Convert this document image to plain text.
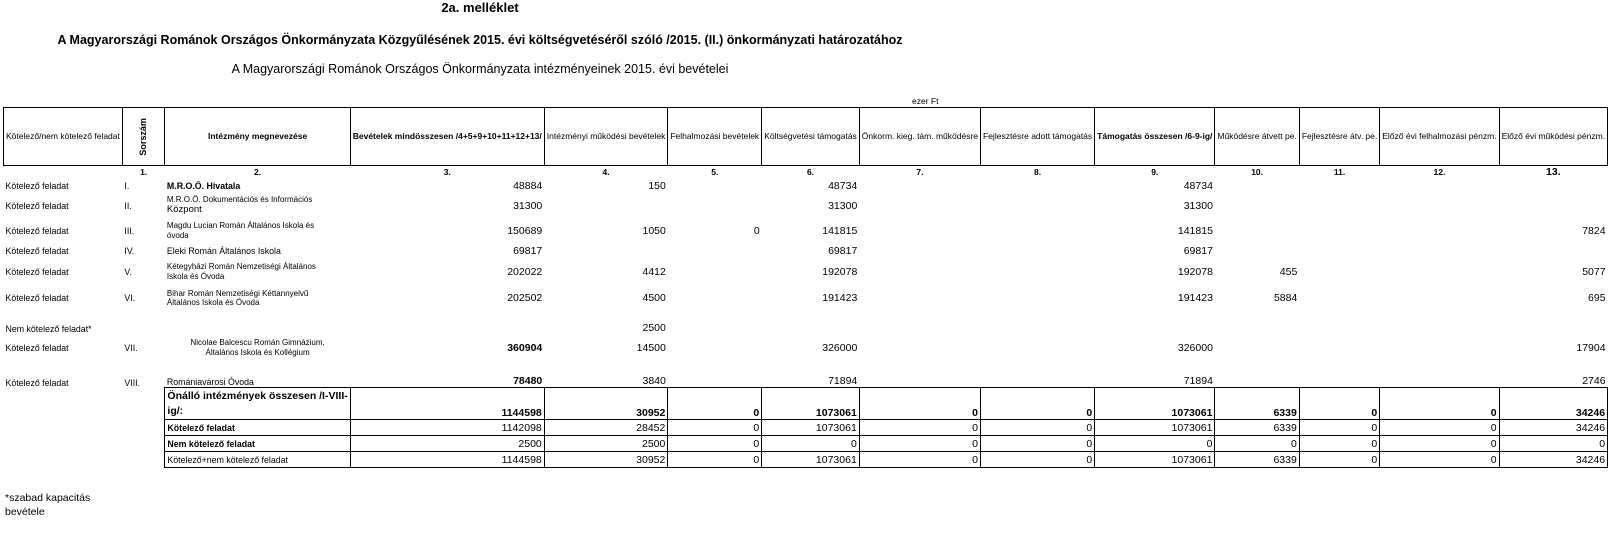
2a. melléklet
A Magyarországi Románok Országos Önkormányzata Közgyűlésének 2015. évi költségvetéséről szóló /2015. (II.) önkormányzati határozatához
A Magyarországi Románok Országos Önkormányzata intézményeinek 2015. évi bevételei
ezer Ft
Kötelező/nem kötelező feladat	Sorszám	Intézmény megnevezése	Bevételek mindösszesen /4+5+9+10+11+12+13/	Intézményi működési bevételek	Felhalmozási bevételek	Költségvetési támogatás	Önkorm. kieg. tám. működésre	Fejlesztésre adott támogatás	Támogatás összesen /6-9-ig/	Működésre átvett pe.	Fejlesztésre átv. pe.	Előző évi felhalmozási pénzm.	Előző évi működési pénzm.
	1.	2.	3.	4.	5.	6.	7.	8.	9.	10.	11.	12.	13.
Kötelező feladat	I.	M.R.O.Ö. Hivatala	48884	150		48734			48734				
Kötelező feladat	II.	M.R.O.Ö. Dokumentációs és Információs
Központ	31300			31300			31300				
Kötelező feladat	III.	Magdu Lucian Román Általános Iskola és
óvoda	150689	1050	0	141815			141815				7824
Kötelező feladat	IV.	Eleki Román Általános Iskola	69817			69817			69817				
Kötelező feladat	V.	Kétegyházi Román Nemzetiségi Általános
Iskola és Óvoda	202022	4412		192078			192078	455			5077
Kötelező feladat	VI.	Bihar Román Nemzetiségi Kéttannyelvű
Általános Iskola és Óvoda	202502	4500		191423			191423	5884			695
Nem kötelező feladat*				2500									
Kötelező feladat	VII.	Nicolae Balcescu Román Gimnázium,
Általános Iskola és Kollégium	360904	14500		326000			326000				17904
Kötelező feladat	VIII.	Romániavárosi Óvoda	78480	3840		71894			71894				2746
		Önálló intézmények összesen /I-VIII-
ig/:	1144598	30952	0	1073061	0	0	1073061	6339	0	0	34246
		Kötelező feladat	1142098	28452	0	1073061	0	0	1073061	6339	0	0	34246
		Nem kötelező feladat	2500	2500	0	0	0	0	0	0	0	0	0
		Kötelező+nem kötelező feladat	1144598	30952	0	1073061	0	0	1073061	6339	0	0	34246
*szabad kapacitás
bevétele
